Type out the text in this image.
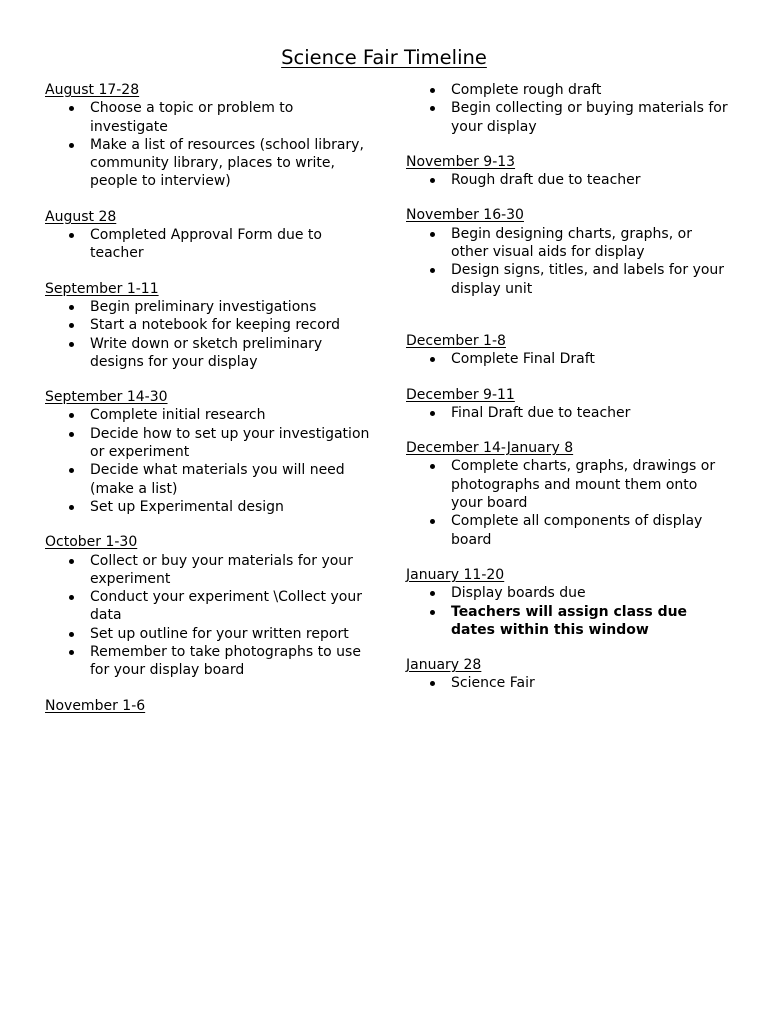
Science Fair Timeline
August 17-28
Choose a topic or problem to investigate
Make a list of resources (school library, community library, places to write, people to interview)
August 28
Completed Approval Form due to teacher
September 1-11
Begin preliminary investigations
Start a notebook for keeping record
Write down or sketch preliminary designs for your display
September 14-30
Complete initial research
Decide how to set up your investigation or experiment
Decide what materials you will need (make a list)
Set up Experimental design
October 1-30
Collect or buy your materials for your experiment
Conduct your experiment \Collect your data
Set up outline for your written report
Remember to take photographs to use for your display board
November 1-6
Complete rough draft
Begin collecting or buying materials for your display
November 9-13
Rough draft due to teacher
November 16-30
Begin designing charts, graphs, or other visual aids for display
Design signs, titles, and labels for your display unit
December 1-8
Complete Final Draft
December 9-11
Final Draft due to teacher
December 14-January 8
Complete charts, graphs, drawings or photographs and mount them onto your board
Complete all components of display board
January 11-20
Display boards due
Teachers will assign class due dates within this window
January 28
Science Fair
